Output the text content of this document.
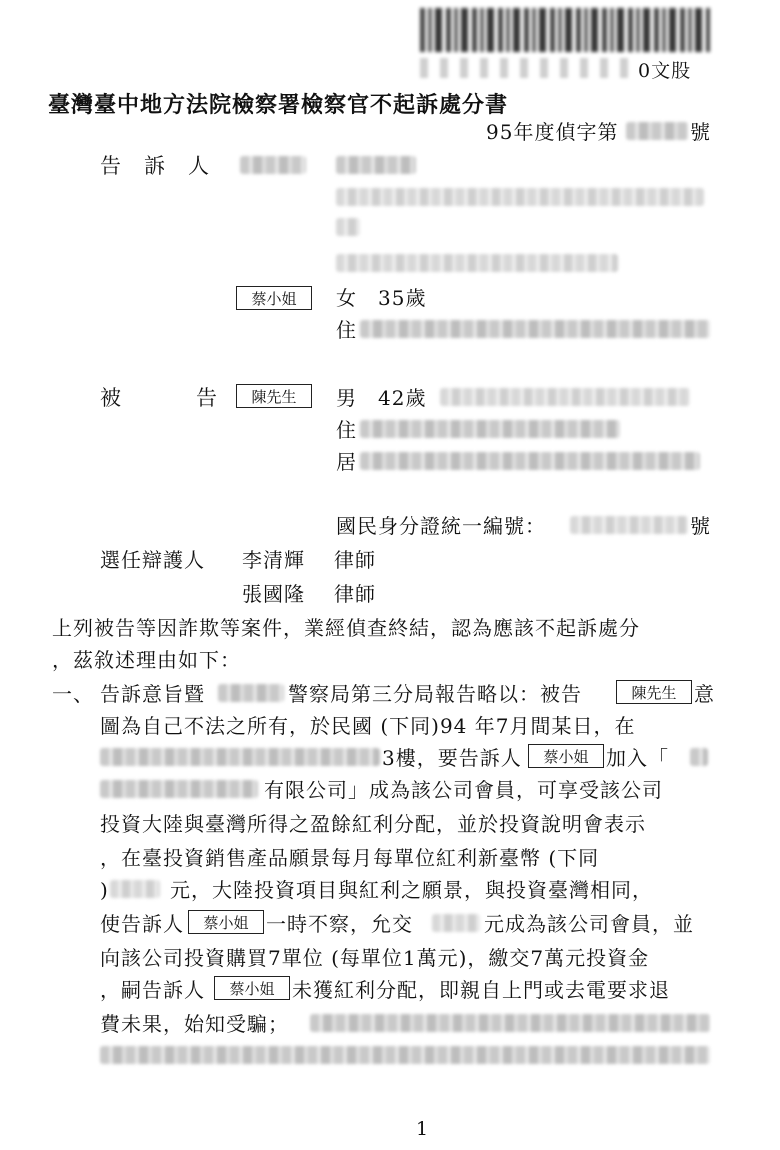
0文股
臺灣臺中地方法院檢察署檢察官不起訴處分書
95年度偵字第	號
告　訴　人
蔡小姐	女　35歲
住
被	告	陳先生	男　42歲
住
居
國民身分證統一編號：	號
選任辯護人 李清輝 律師
張國隆 律師
上列被告等因詐欺等案件，業經偵查終結，認為應該不起訴處分
，茲敘述理由如下：
一、 告訴意旨暨	警察局第三分局報告略以：被告	陳先生 意
圖為自己不法之所有，於民國 (下同)94 年7月間某日，在
3樓，要告訴人	蔡小姐 加入「
有限公司」成為該公司會員，可享受該公司
投資大陸與臺灣所得之盈餘紅利分配，並於投資說明會表示
，在臺投資銷售產品願景每月每單位紅利新臺幣 (下同
)	元，大陸投資項目與紅利之願景，與投資臺灣相同，
使告訴人	蔡小姐 一時不察，允交	元成為該公司會員，並
向該公司投資購買7單位 (每單位1萬元)，繳交7萬元投資金
，嗣告訴人	蔡小姐 未獲紅利分配，即親自上門或去電要求退
費未果，始知受騙；
1
